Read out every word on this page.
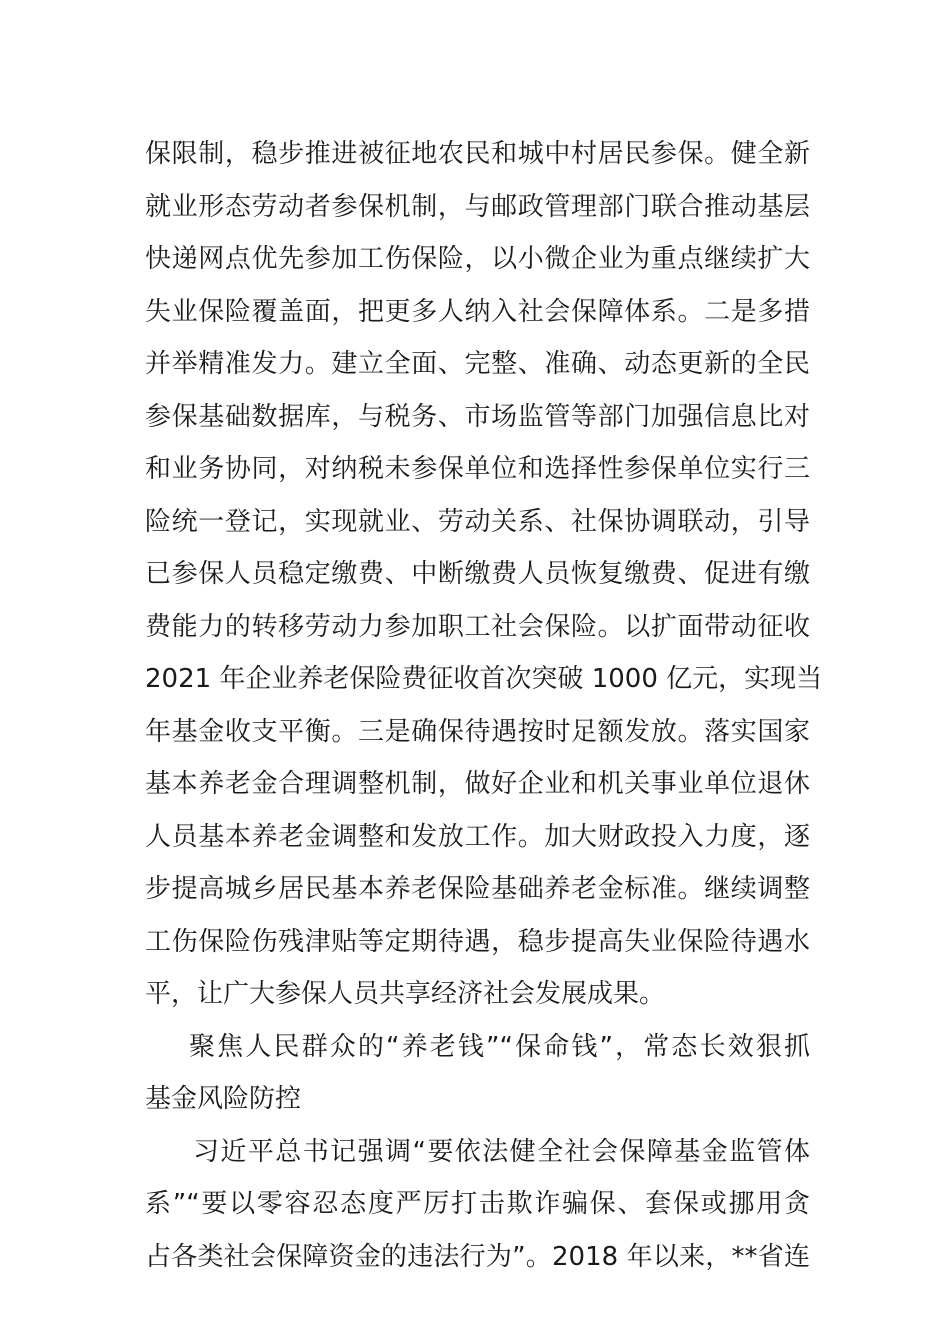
保限制，稳步推进被征地农民和城中村居民参保。健全新
就业形态劳动者参保机制，与邮政管理部门联合推动基层
快递网点优先参加工伤保险，以小微企业为重点继续扩大
失业保险覆盖面，把更多人纳入社会保障体系。二是多措
并举精准发力。建立全面、完整、准确、动态更新的全民
参保基础数据库，与税务、市场监管等部门加强信息比对
和业务协同，对纳税未参保单位和选择性参保单位实行三
险统一登记，实现就业、劳动关系、社保协调联动，引导
已参保人员稳定缴费、中断缴费人员恢复缴费、促进有缴
费能力的转移劳动力参加职工社会保险。以扩面带动征收
2021 年企业养老保险费征收首次突破 1000 亿元，实现当
年基金收支平衡。三是确保待遇按时足额发放。落实国家
基本养老金合理调整机制，做好企业和机关事业单位退休
人员基本养老金调整和发放工作。加大财政投入力度，逐
步提高城乡居民基本养老保险基础养老金标准。继续调整
工伤保险伤残津贴等定期待遇，稳步提高失业保险待遇水
平，让广大参保人员共享经济社会发展成果。
聚焦人民群众的“养老钱”“保命钱”，常态长效狠抓
基金风险防控
习近平总书记强调“要依法健全社会保障基金监管体
系”“要以零容忍态度严厉打击欺诈骗保、套保或挪用贪
占各类社会保障资金的违法行为”。2018 年以来，**省连
